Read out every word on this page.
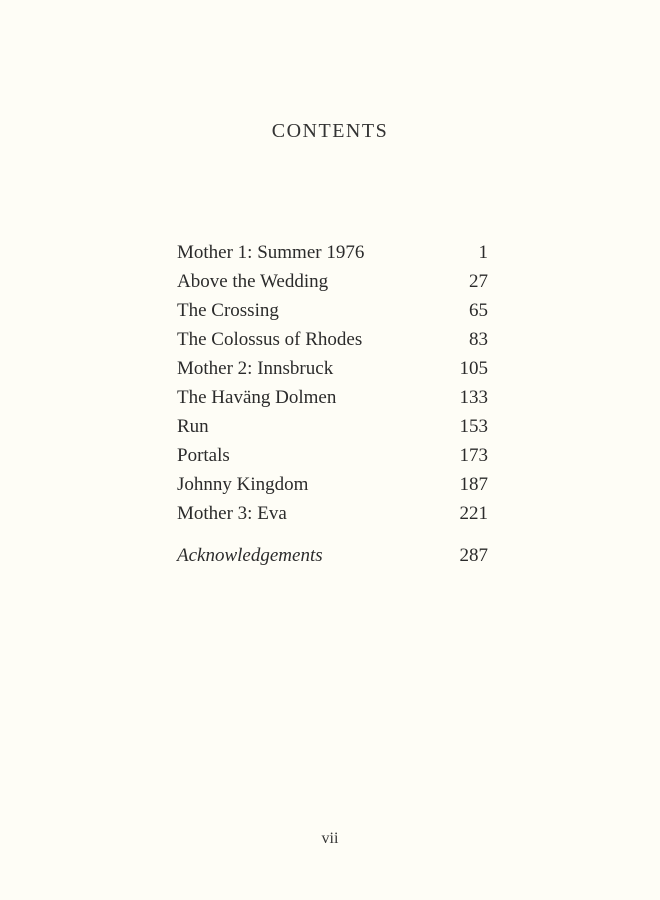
CONTENTS
Mother 1: Summer 1976	1
Above the Wedding	27
The Crossing	65
The Colossus of Rhodes	83
Mother 2: Innsbruck	105
The Haväng Dolmen	133
Run	153
Portals	173
Johnny Kingdom	187
Mother 3: Eva	221
Acknowledgements	287
vii
